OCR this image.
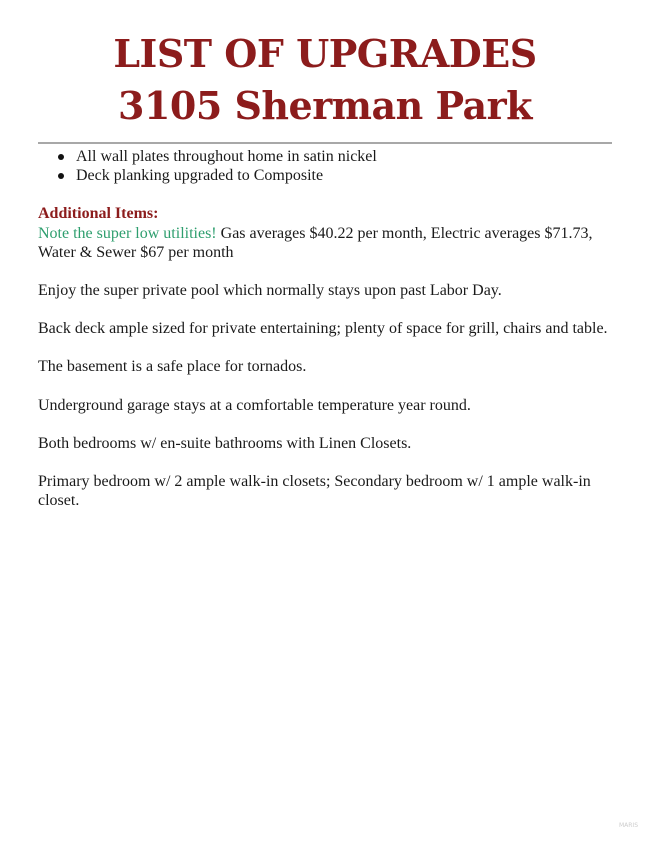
LIST OF UPGRADES
3105 Sherman Park
All wall plates throughout home in satin nickel
Deck planking upgraded to Composite
Additional Items:

Note the super low utilities! Gas averages $40.22 per month, Electric averages $71.73, Water & Sewer $67 per month

Enjoy the super private pool which normally stays upon past Labor Day.

Back deck ample sized for private entertaining; plenty of space for grill, chairs and table.

The basement is a safe place for tornados.

Underground garage stays at a comfortable temperature year round.

Both bedrooms w/ en-suite bathrooms with Linen Closets.

Primary bedroom w/ 2 ample walk-in closets; Secondary bedroom w/ 1 ample walk-in closet.

MARIS
